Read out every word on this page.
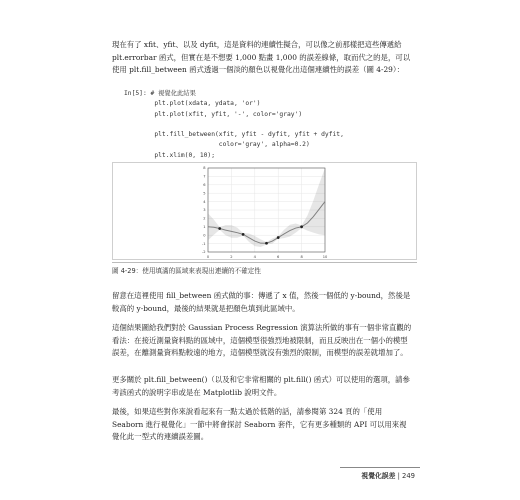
現在有了 xfit、yfit、以及 dyfit，這是資料的連續性擬合，可以像之前那樣把這些傳遞給 plt.errorbar 函式，但實在是不想要 1,000 點畫 1,000 的誤差線條，取而代之的是，可以使用 plt.fill_between 函式透過一個淡的顏色以視覺化出這個連續性的誤差（圖 4-29）：

In[5]: # 視覺化此結果
plt.plot(xdata, ydata, 'or')
plt.plot(xfit, yfit, '-', color='gray')

plt.fill_between(xfit, yfit - dyfit, yfit + dyfit,
color='gray', alpha=0.2)
plt.xlim(0, 10);
0	2	4	6	8	10
-2
-1
0
1
2
3
4
5
6
7
8
圖 4-29：使用填滿的區域來表現出連續的不確定性

留意在這裡使用 fill_between 函式做的事：傳遞了 x 值，然後一個低的 y-bound，然後是較高的 y-bound，最後的結果就是把顏色填到此區域中。

這個結果圖給我們對於 Gaussian Process Regression 演算法所做的事有一個非常直觀的看法：在接近測量資料點的區域中，這個模型很強烈地被限制，而且反映出在一個小的模型誤差，在離測量資料點較遠的地方，這個模型就沒有強烈的限制，而模型的誤差就增加了。

更多關於 plt.fill_between()（以及和它非常相關的 plt.fill() 函式）可以使用的選項，請參考該函式的說明字串或是在 Matplotlib 說明文件。

最後，如果這些對你來說看起來有一點太過於低階的話，請參閱第 324 頁的「使用 Seaborn 進行視覺化」一節中將會探討 Seaborn 套件，它有更多種類的 API 可以用來視覺化此一型式的連續誤差圖。

視覺化誤差 | 249
